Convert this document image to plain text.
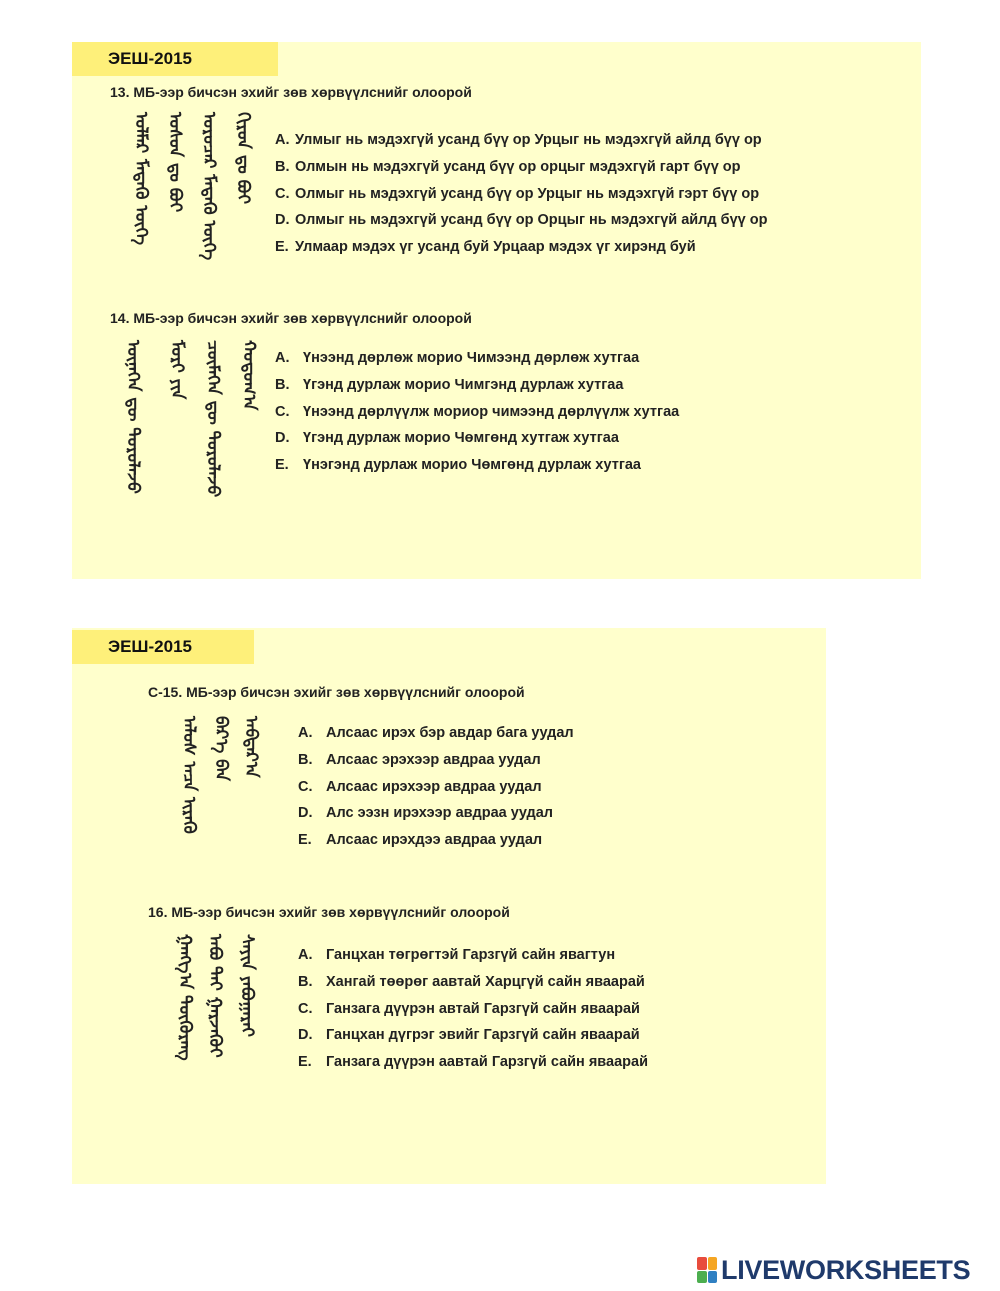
ЭЕШ-2015
13. МБ-ээр бичсэн эхийг зөв хөрвүүлснийг олоорой
ᠤᠯᠮᠠᠷ ᠮᠡᠳᠡᠬᠦ ᠦᠭᠡ ᠤᠰᠤᠨ ᠳᠤ ᠪᠤᠢ ᠤᠷᠤᠴᠠᠷ ᠮᠡᠳᠡᠬᠦ ᠦᠭᠡ ᠬᠢᠷᠤᠨ ᠳᠤ ᠪᠤᠢ A. Улмыг нь мэдэхгүй усанд бүү ор Урцыг нь мэдэхгүй айлд бүү ор
B. Олмын нь мэдэхгүй усанд бүү ор орцыг мэдэхгүй гарт бүү ор
C. Олмыг нь мэдэхгүй усанд бүү ор Урцыг нь мэдэхгүй гэрт бүү ор
D. Олмыг нь мэдэхгүй усанд бүү ор Орцыг нь мэдэхгүй айлд бүү ор
E. Улмаар мэдэх үг усанд буй Урцаар мэдэх үг хирэнд буй
14. МБ-ээр бичсэн эхийг зөв хөрвүүлснийг олоорой
ᠦᠨᠡᠭᠡᠨ ᠳᠦ ᠳᠤᠷᠤᠯᠠᠵᠤ ᠮᠣᠷᠢ ᠶᠢᠨ ᠴᠥᠮᠡᠭᠡᠨ ᠳᠦ ᠳᠤᠷᠤᠯᠠᠵᠤ ᠬᠤᠲᠤᠭ᠎ᠠ A. Үнээнд дөрлөж морио Чимээнд дөрлөж хутгаа
B. Үгэнд дурлаж морио Чимгэнд дурлаж хутгаа
C. Үнээнд дөрлүүлж мориор чимээнд дөрлүүлж хутгаа
D. Үгэнд дурлаж морио Чөмгөнд хутгаж хутгаа
E. Үнэгэнд дурлаж морио Чөмгөнд дурлаж хутгаа
ЭЕШ-2015
С-15. МБ-ээр бичсэн эхийг зөв хөрвүүлснийг олоорой
ᠠᠯᠤᠰ ᠠᠴᠠ ᠢᠷᠡᠬᠦ ᠪᠡᠷ᠎ᠡ ᠪᠡᠨ ᠠᠪᠳᠠᠷ᠎ᠠ	A. Алсаас ирэх бэр авдар бага уудал
B. Алсаас эрэхээр авдраа уудал
C. Алсаас ирэхээр авдраа уудал
D. Алс ээзн ирэхээр авдраа уудал
E. Алсаас ирэхдээ авдраа уудал
16. МБ-ээр бичсэн эхийг зөв хөрвүүлснийг олоорой
ᠭᠠᠩᠭ᠎ᠠ ᠳᠦᠭᠦᠷᠡᠩ ᠠᠪᠤ ᠲᠠᠢ ᠭᠠᠷᠵᠠᠭᠦᠢ ᠰᠠᠶᠢᠨ ᠶᠠᠪᠤᠭᠠᠷᠠᠢ	A. Ганцхан төгрөгтэй Гарзгүй сайн явагтун
B. Хангай төөрөг аавтай Харцгүй сайн яваарай
C. Ганзага дүүрэн автай Гарзгүй сайн яваарай
D. Ганцхан дүгрэг эвийг Гарзгүй сайн яваарай
E. Ганзага дүүрэн аавтай Гарзгүй сайн яваарай
LIVEWORKSHEETS
